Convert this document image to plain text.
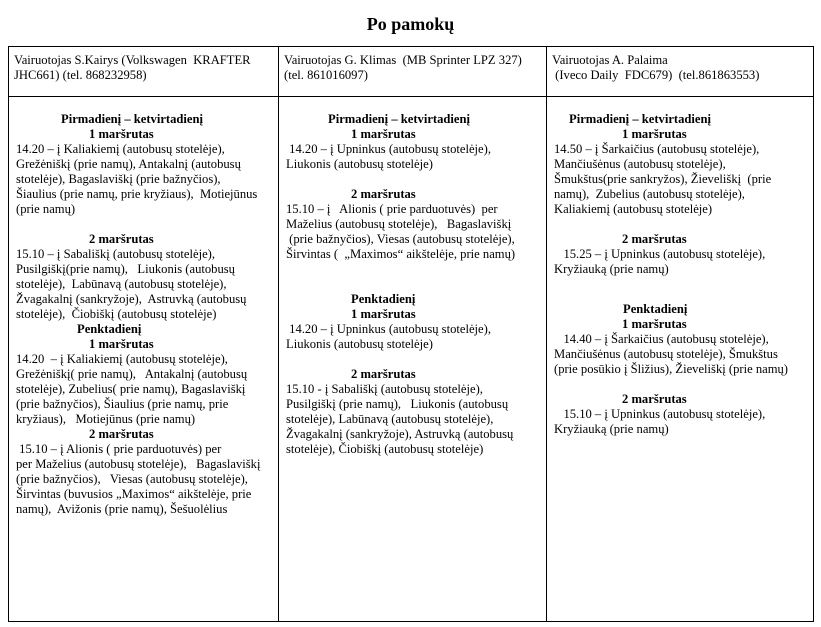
Po pamokų
Vairuotojas S.Kairys (Volkswagen  KRAFTER
JHC661) (tel. 868232958)
Pirmadienį – ketvirtadienį
1 maršrutas
14.20 – į Kaliakiemį (autobusų stotelėje),
Grežėniškį (prie namų), Antakalnį (autobusų
stotelėje), Bagaslaviškį (prie bažnyčios),
Šiaulius (prie namų, prie kryžiaus),  Motiejūnus
(prie namų)
2 maršrutas
15.10 – į Sabališkį (autobusų stotelėje),
Pusilgiškį(prie namų),   Liukonis (autobusų
stotelėje),  Labūnavą (autobusų stotelėje),
Žvagakalnį (sankryžoje),  Astruvką (autobusų
stotelėje),  Čiobiškį (autobusų stotelėje)
Penktadienį
1 maršrutas
14.20  – į Kaliakiemį (autobusų stotelėje),
Grežėniškį( prie namų),   Antakalnį (autobusų
stotelėje), Zubelius( prie namų), Bagaslaviškį
(prie bažnyčios), Šiaulius (prie namų, prie
kryžiaus),   Motiejūnus (prie namų)
2 maršrutas
15.10 – į Alionis ( prie parduotuvės) per
per Maželius (autobusų stotelėje),   Bagaslaviškį
(prie bažnyčios),   Viesas (autobusų stotelėje),
Širvintas (buvusios „Maximos“ aikštelėje, prie
namų),  Avižonis (prie namų), Šešuolėlius
Vairuotojas G. Klimas  (MB Sprinter LPZ 327)
(tel. 861016097)
Pirmadienį – ketvirtadienį
1 maršrutas
14.20 – į Upninkus (autobusų stotelėje),
Liukonis (autobusų stotelėje)
2 maršrutas
15.10 – į   Alionis ( prie parduotuvės)  per
Maželius (autobusų stotelėje),   Bagaslaviškį
(prie bažnyčios), Viesas (autobusų stotelėje),
Širvintas (  „Maximos“ aikštelėje, prie namų)
Penktadienį
1 maršrutas
14.20 – į Upninkus (autobusų stotelėje),
Liukonis (autobusų stotelėje)
2 maršrutas
15.10 - į Sabališkį (autobusų stotelėje),
Pusilgiškį (prie namų),   Liukonis (autobusų
stotelėje), Labūnavą (autobusų stotelėje),
Žvagakalnį (sankryžoje), Astruvką (autobusų
stotelėje), Čiobiškį (autobusų stotelėje)
Vairuotojas A. Palaima
(Iveco Daily  FDC679)  (tel.861863553)
Pirmadienį – ketvirtadienį
1 maršrutas
14.50 – į Šarkaičius (autobusų stotelėje),
Mančiušėnus (autobusų stotelėje),
Šmukštus(prie sankryžos), Žieveliškį  (prie
namų),  Zubelius (autobusų stotelėje),
Kaliakiemį (autobusų stotelėje)
2 maršrutas
15.25 – į Upninkus (autobusų stotelėje),
Kryžiauką (prie namų)
Penktadienį
1 maršrutas
14.40 – į Šarkaičius (autobusų stotelėje),
Mančiušėnus (autobusų stotelėje), Šmukštus
(prie posūkio į Šližius), Žieveliškį (prie namų)
2 maršrutas
15.10 – į Upninkus (autobusų stotelėje),
Kryžiauką (prie namų)
